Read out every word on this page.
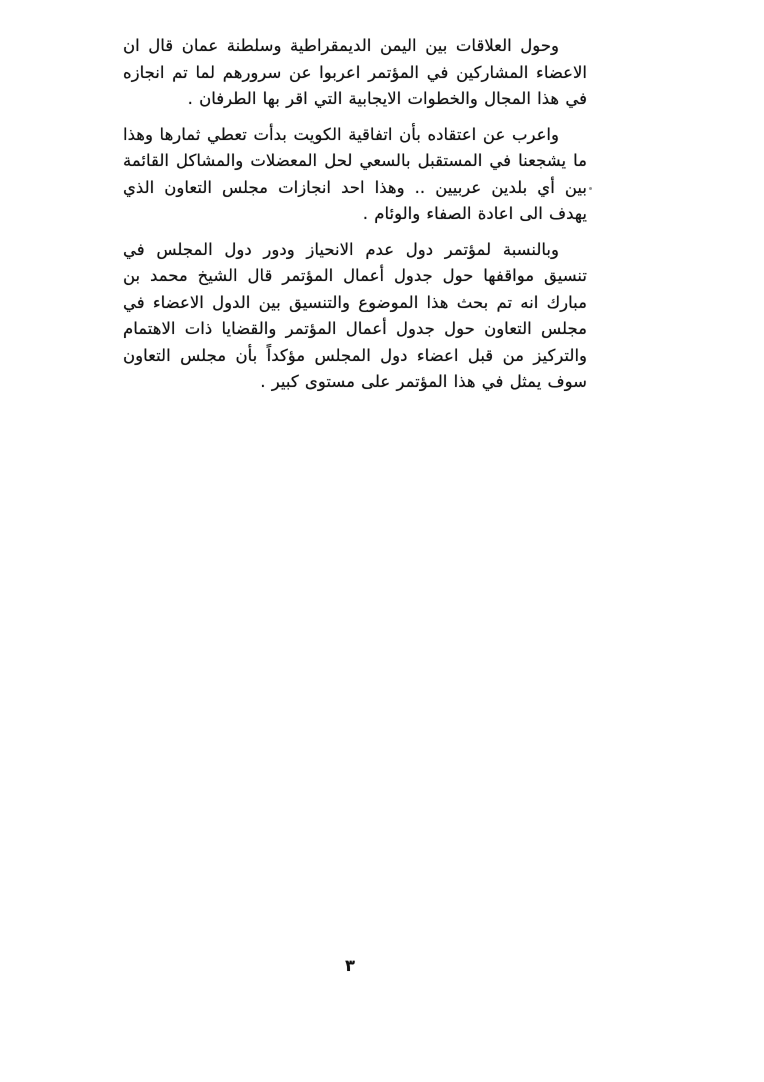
وحول العلاقات بين اليمن الديمقراطية وسلطنة عمان قال ان الاعضاء المشاركين في المؤتمر اعربوا عن سرورهم لما تم انجازه في هذا المجال والخطوات الايجابية التي اقر بها الطرفان .

واعرب عن اعتقاده بأن اتفاقية الكويت بدأت تعطي ثمارها وهذا ما يشجعنا في المستقبل بالسعي لحل المعضلات والمشاكل القائمة بين أي بلدين عربيين .. وهذا احد انجازات مجلس التعاون الذي يهدف الى اعادة الصفاء والوئام .

وبالنسبة لمؤتمر دول عدم الانحياز ودور دول المجلس في تنسيق مواقفها حول جدول أعمال المؤتمر قال الشيخ محمد بن مبارك انه تم بحث هذا الموضوع والتنسيق بين الدول الاعضاء في مجلس التعاون حول جدول أعمال المؤتمر والقضايا ذات الاهتمام والتركيز من قبل اعضاء دول المجلس مؤكداً بأن مجلس التعاون سوف يمثل في هذا المؤتمر على مستوى كبير .

٣
